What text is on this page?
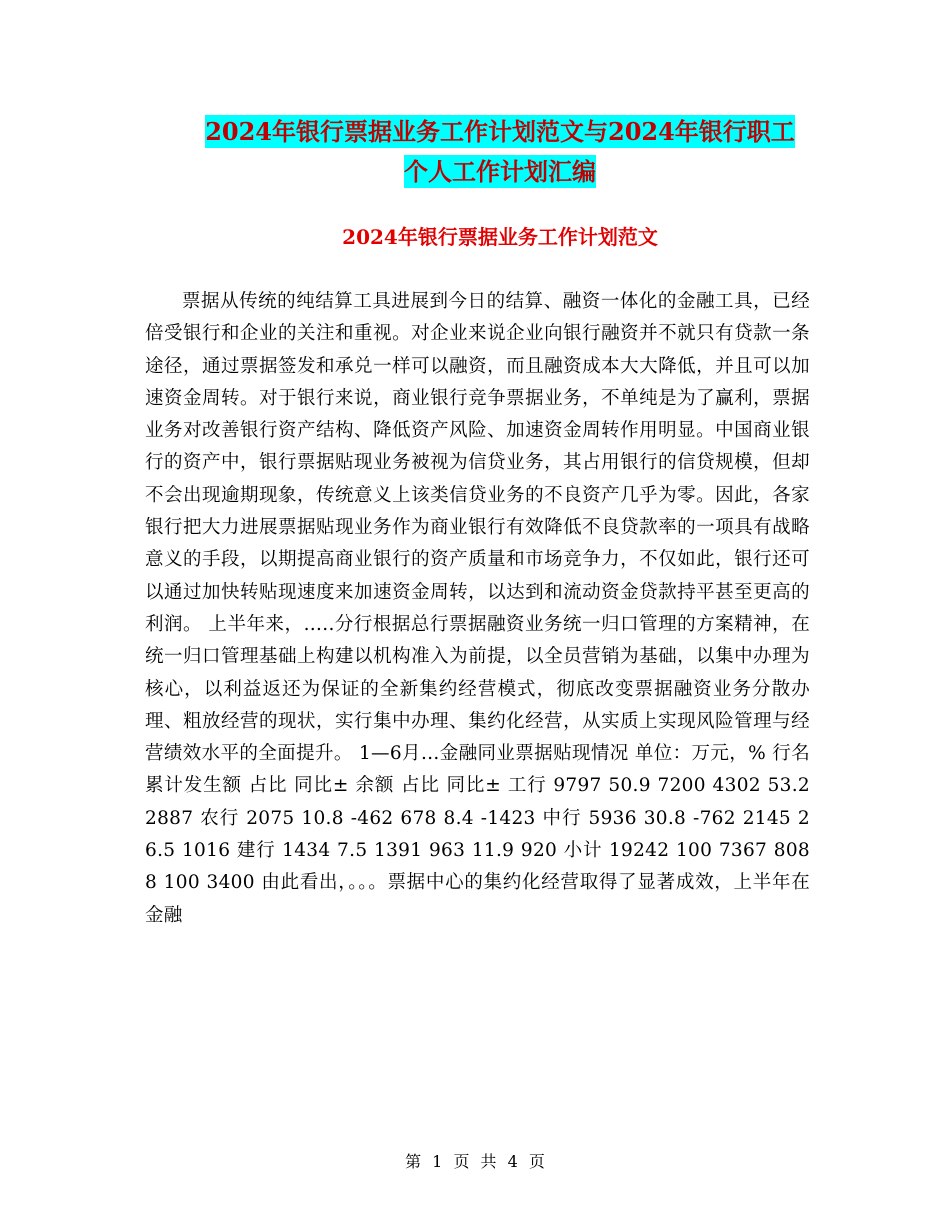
2024年银行票据业务工作计划范文与2024年银行职工
个人工作计划汇编
2024年银行票据业务工作计划范文

票据从传统的纯结算工具进展到今日的结算、融资一体化的金融工具，已经倍受银行和企业的关注和重视。对企业来说企业向银行融资并不就只有贷款一条途径，通过票据签发和承兑一样可以融资，而且融资成本大大降低，并且可以加速资金周转。对于银行来说，商业银行竞争票据业务，不单纯是为了赢利，票据业务对改善银行资产结构、降低资产风险、加速资金周转作用明显。中国商业银行的资产中，银行票据贴现业务被视为信贷业务，其占用银行的信贷规模，但却不会出现逾期现象，传统意义上该类信贷业务的不良资产几乎为零。因此，各家银行把大力进展票据贴现业务作为商业银行有效降低不良贷款率的一项具有战略意义的手段，以期提高商业银行的资产质量和市场竞争力，不仅如此，银行还可以通过加快转贴现速度来加速资金周转，以达到和流动资金贷款持平甚至更高的利润。 上半年来，…..分行根据总行票据融资业务统一归口管理的方案精神，在统一归口管理基础上构建以机构准入为前提，以全员营销为基础，以集中办理为核心，以利益返还为保证的全新集约经营模式，彻底改变票据融资业务分散办理、粗放经营的现状，实行集中办理、集约化经营，从实质上实现风险管理与经营绩效水平的全面提升。 1—6月…金融同业票据贴现情况 单位：万元，% 行名 累计发生额 占比 同比± 余额 占比 同比± 工行 9797 50.9 7200 4302 53.2 2887 农行 2075 10.8 -462 678 8.4 -1423 中行 5936 30.8 -762 2145 26.5 1016 建行 1434 7.5 1391 963 11.9 920 小计 19242 100 7367 8088 100 3400 由此看出，。。。票据中心的集约化经营取得了显著成效，上半年在金融

第 1 页 共 4 页
